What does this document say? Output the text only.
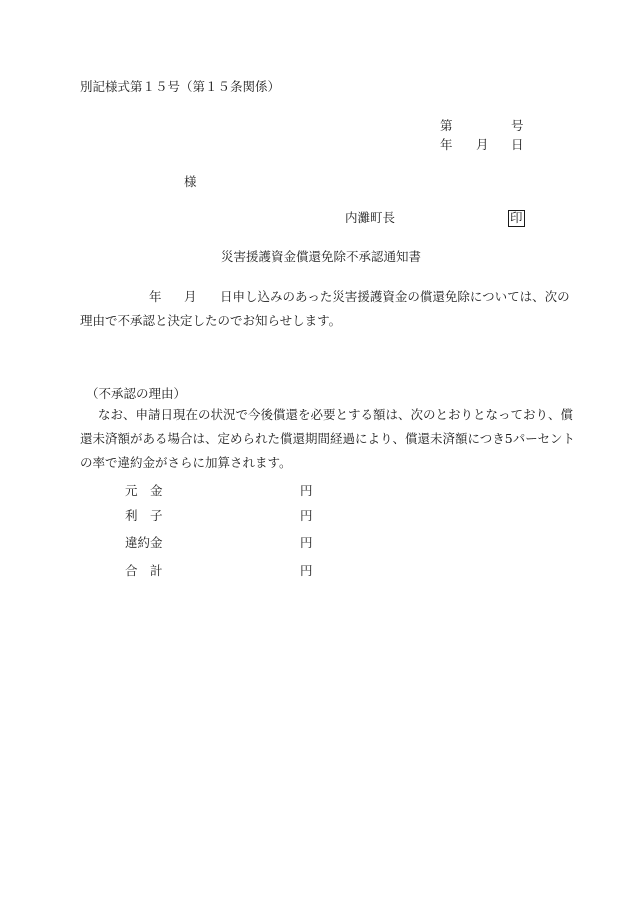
別記様式第１５号（第１５条関係）
第	号
年 月 日
様
内灘町長	印
災害援護資金償還免除不承認通知書
年 月 日申し込みのあった災害援護資金の償還免除については、次の
理由で不承認と決定したのでお知らせします。
（不承認の理由）
なお、申請日現在の状況で今後償還を必要とする額は、次のとおりとなっており、償
還未済額がある場合は、定められた償還期間経過により、償還未済額につき5パーセント
の率で違約金がさらに加算されます。
元　金	円
利　子	円
違約金	円
合　計	円
